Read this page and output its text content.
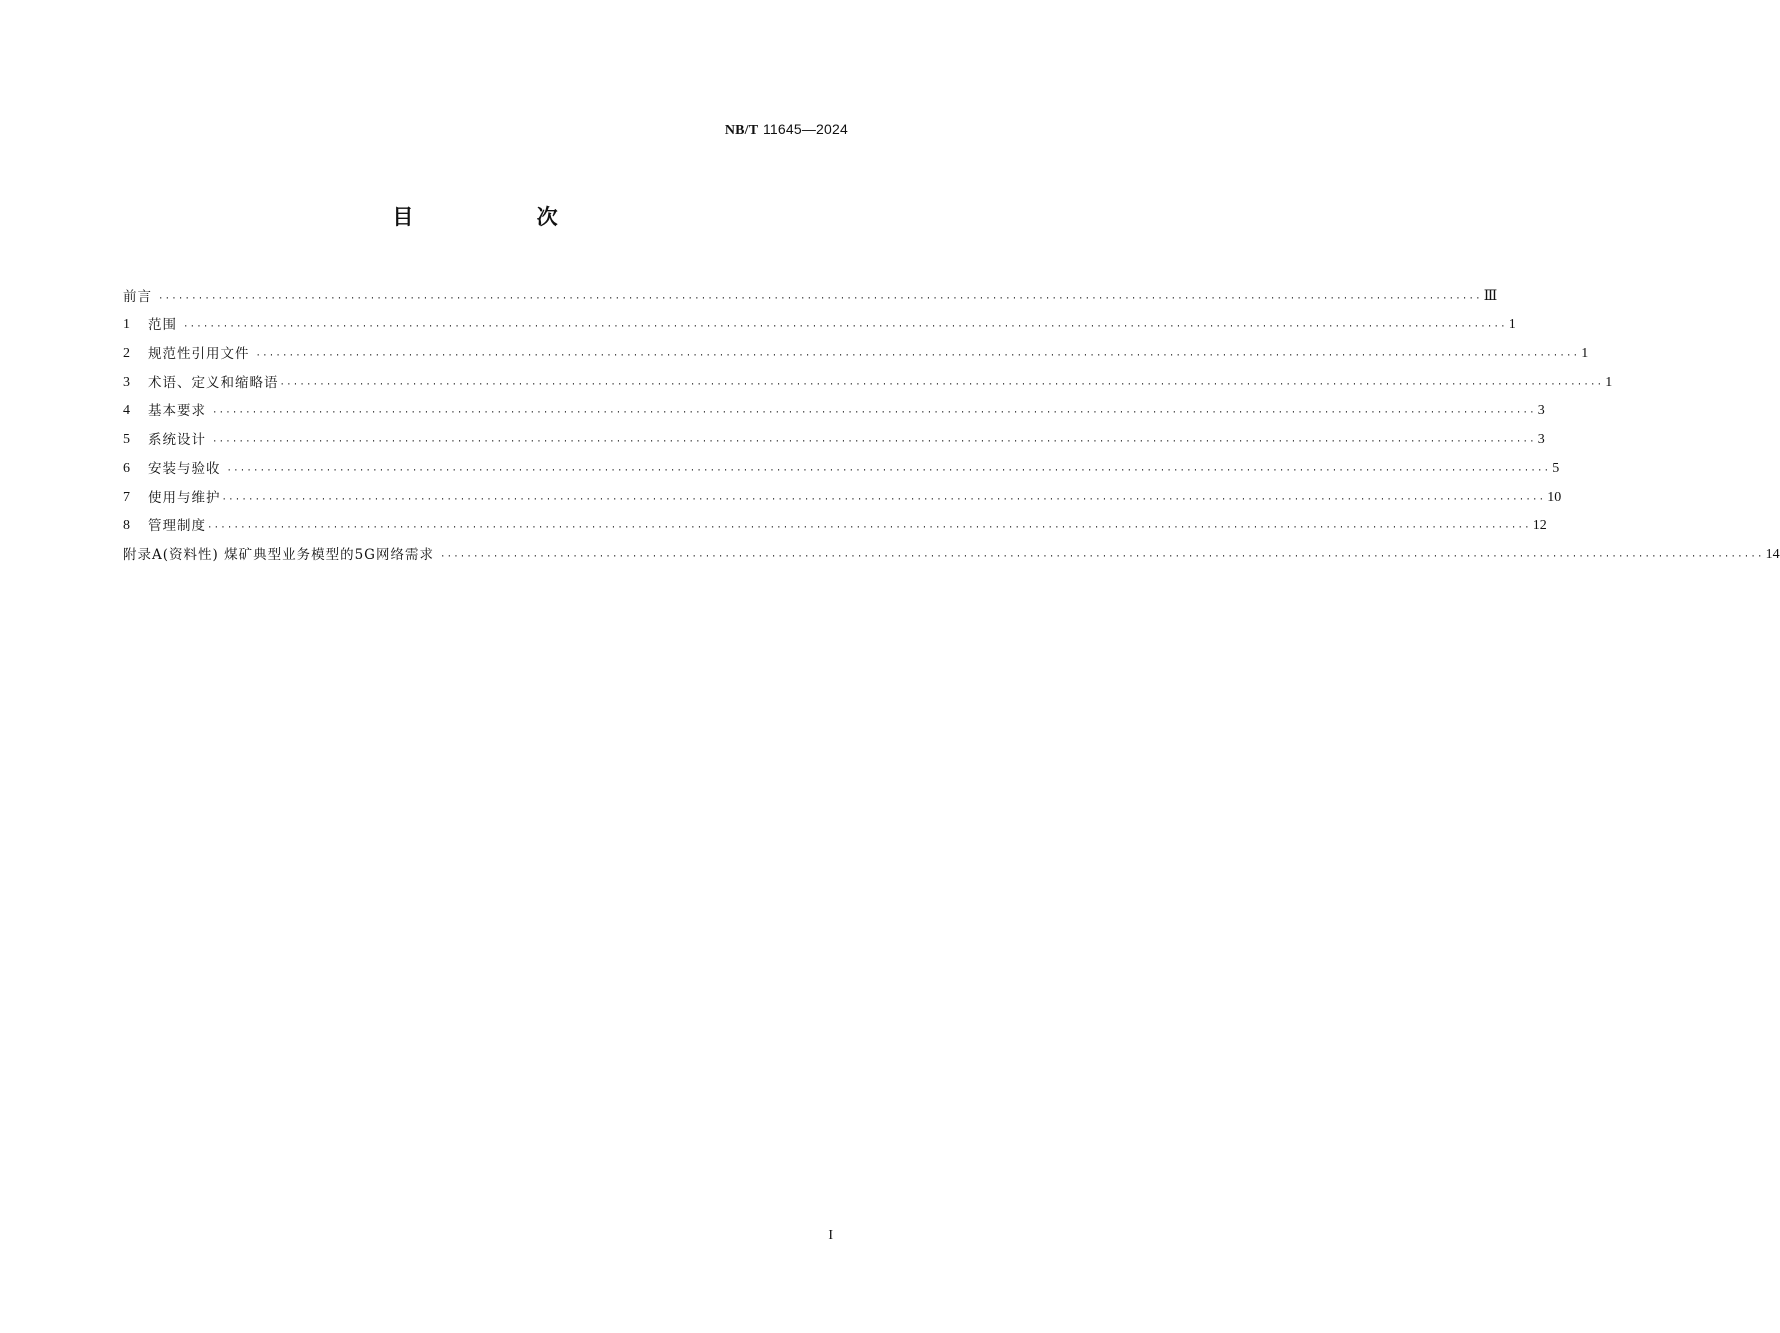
NB/T 11645—2024
目 次
前言 ········································································································································································································ Ⅲ
1	范围 ········································································································································································································ 1
2	规范性引用文件 ········································································································································································································ 1
3	术语、定义和缩略语 ········································································································································································································ 1
4	基本要求 ········································································································································································································ 3
5	系统设计 ········································································································································································································ 3
6	安装与验收 ········································································································································································································ 5
7	使用与维护 ········································································································································································································ 10
8	管理制度 ········································································································································································································ 12
附录A(资料性) 煤矿典型业务模型的5G网络需求 ········································································································································································································ 14
I
